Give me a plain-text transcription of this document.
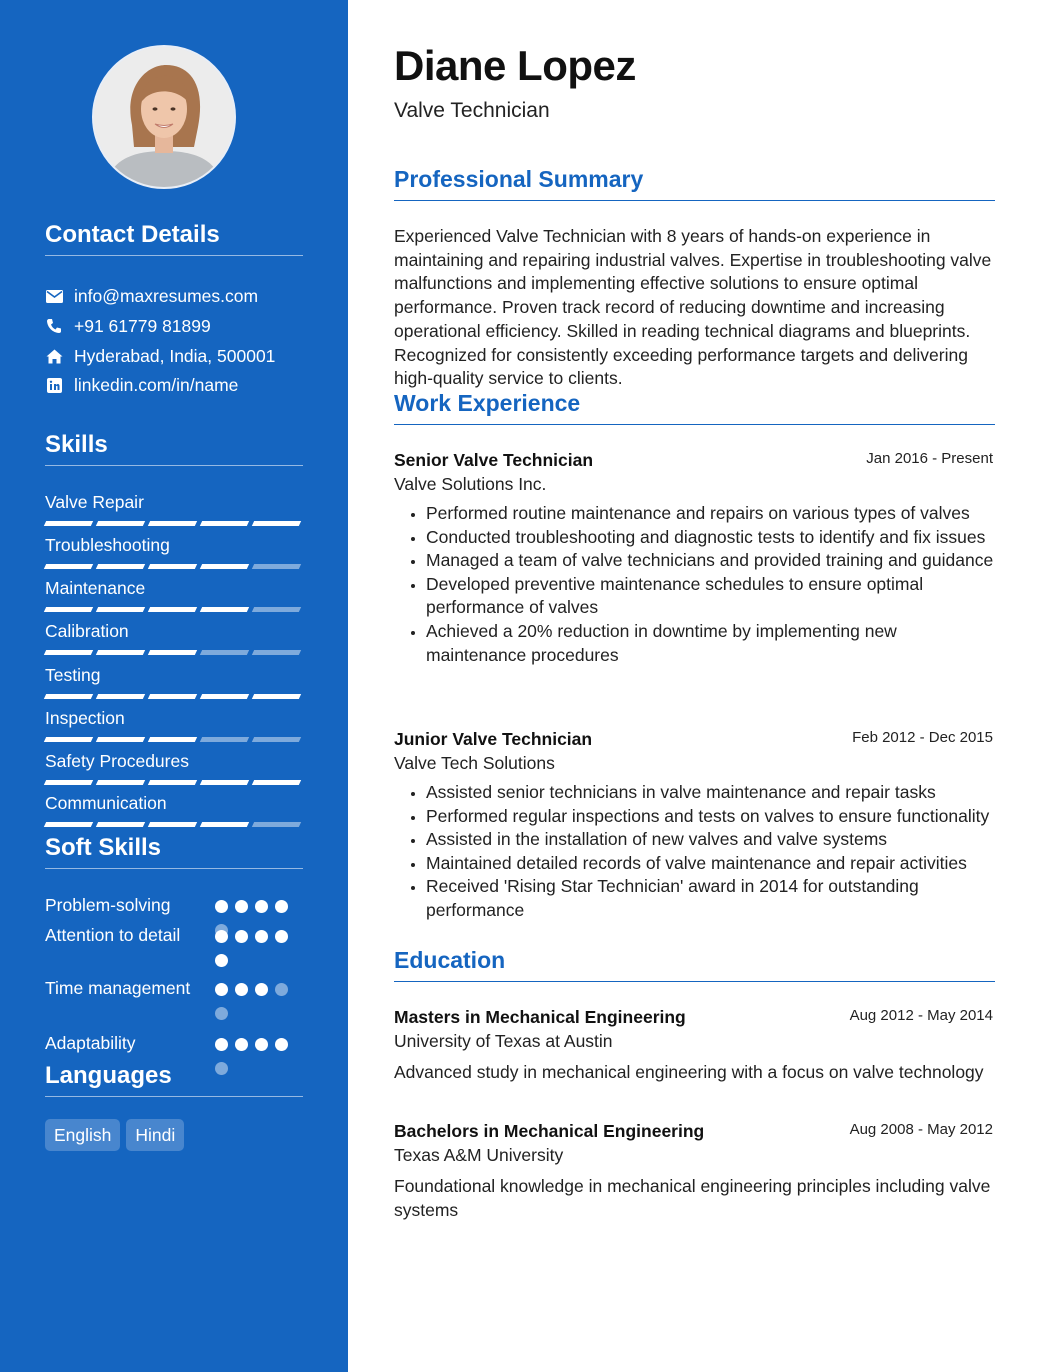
Contact Details
info@maxresumes.com
+91 61779 81899
Hyderabad, India, 500001
linkedin.com/in/name
Skills
Valve Repair
Troubleshooting
Maintenance
Calibration
Testing
Inspection
Safety Procedures
Communication
Soft Skills
Problem-solving
Attention to detail
Time management
Adaptability
Languages
English	Hindi
Diane Lopez
Valve Technician
Professional Summary
Experienced Valve Technician with 8 years of hands-on experience in maintaining and repairing industrial valves. Expertise in troubleshooting valve malfunctions and implementing effective solutions to ensure optimal performance. Proven track record of reducing downtime and increasing operational efficiency. Skilled in reading technical diagrams and blueprints. Recognized for consistently exceeding performance targets and delivering high-quality service to clients.
Work Experience
Senior Valve Technician	Jan 2016 - Present
Valve Solutions Inc.
• Performed routine maintenance and repairs on various types of valves
• Conducted troubleshooting and diagnostic tests to identify and fix issues
• Managed a team of valve technicians and provided training and guidance
• Developed preventive maintenance schedules to ensure optimal performance of valves
• Achieved a 20% reduction in downtime by implementing new maintenance procedures
Junior Valve Technician	Feb 2012 - Dec 2015
Valve Tech Solutions
• Assisted senior technicians in valve maintenance and repair tasks
• Performed regular inspections and tests on valves to ensure functionality
• Assisted in the installation of new valves and valve systems
• Maintained detailed records of valve maintenance and repair activities
• Received 'Rising Star Technician' award in 2014 for outstanding performance
Education
Masters in Mechanical Engineering	Aug 2012 - May 2014
University of Texas at Austin
Advanced study in mechanical engineering with a focus on valve technology
Bachelors in Mechanical Engineering	Aug 2008 - May 2012
Texas A&M University
Foundational knowledge in mechanical engineering principles including valve systems
